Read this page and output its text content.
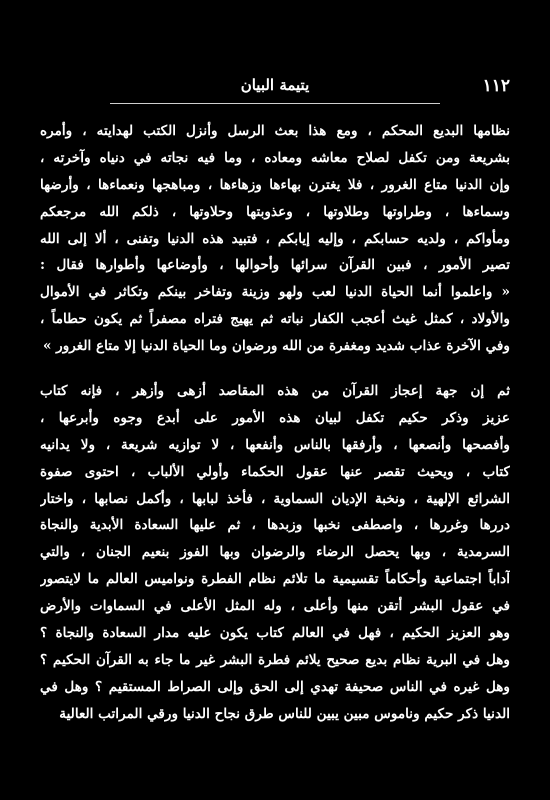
١١٢
يتيمة البيان
نظامها البديع المحكم ، ومع هذا بعث الرسل وأنزل الكتب لهدايته ، وأمره
بشريعة ومن تكفل لصلاح معاشه ومعاده ، وما فيه نجاته في دنياه وآخرته ،
وإن الدنيا متاع الغرور ، فلا يغترن بهاءها وزهاءها ، ومباهجها ونعماءها ، وأرضها
وسماءها ، وطراوتها وطلاوتها ، وعذوبتها وحلاوتها ، ذلكم الله مرجعكم
ومأواكم ، ولديه حسابكم ، وإليه إيابكم ، فتبيد هذه الدنيا وتفنى ، ألا إلى الله
تصير الأمور ، فبين القرآن سرائها وأحوالها ، وأوضاعها وأطوارها فقال :
« واعلموا أنما الحياة الدنيا لعب ولهو وزينة وتفاخر بينكم وتكاثر في الأموال
والأولاد ، كمثل غيث أعجب الكفار نباته ثم يهيج فتراه مصفراً ثم يكون حطاماً ،
وفي الآخرة عذاب شديد ومغفرة من الله ورضوان وما الحياة الدنيا إلا متاع الغرور »
ثم إن جهة إعجاز القرآن من هذه المقاصد أزهى وأزهر ، فإنه كتاب
عزيز وذكر حكيم تكفل لبيان هذه الأمور على أبدع وجوه وأبرعها ،
وأفصحها وأنصعها ، وأرفقها بالناس وأنفعها ، لا توازيه شريعة ، ولا يدانيه
كتاب ، ويحيث تقصر عنها عقول الحكماء وأولي الألباب ، احتوى صفوة
الشرائع الإلهية ، ونخبة الإديان السماوية ، فأخذ لبابها ، وأكمل نصابها ، واختار
دررها وغررها ، واصطفى نخبها وزبدها ، ثم عليها السعادة الأبدية والنجاة
السرمدية ، وبها يحصل الرضاء والرضوان وبها الفوز بنعيم الجنان ، والتي
آداباً اجتماعية وأحكاماً تقسيمية ما تلائم نظام الفطرة ونواميس العالم ما لايتصور
في عقول البشر أتقن منها وأعلى ، وله المثل الأعلى في السماوات والأرض
وهو العزيز الحكيم ، فهل في العالم كتاب يكون عليه مدار السعادة والنجاة ؟
وهل في البرية نظام بديع صحيح يلائم فطرة البشر غير ما جاء به القرآن الحكيم ؟
وهل غيره في الناس صحيفة تهدي إلى الحق وإلى الصراط المستقيم ؟ وهل في
الدنيا ذكر حكيم وناموس مبين يبين للناس طرق نجاح الدنيا ورقي المراتب العالية
